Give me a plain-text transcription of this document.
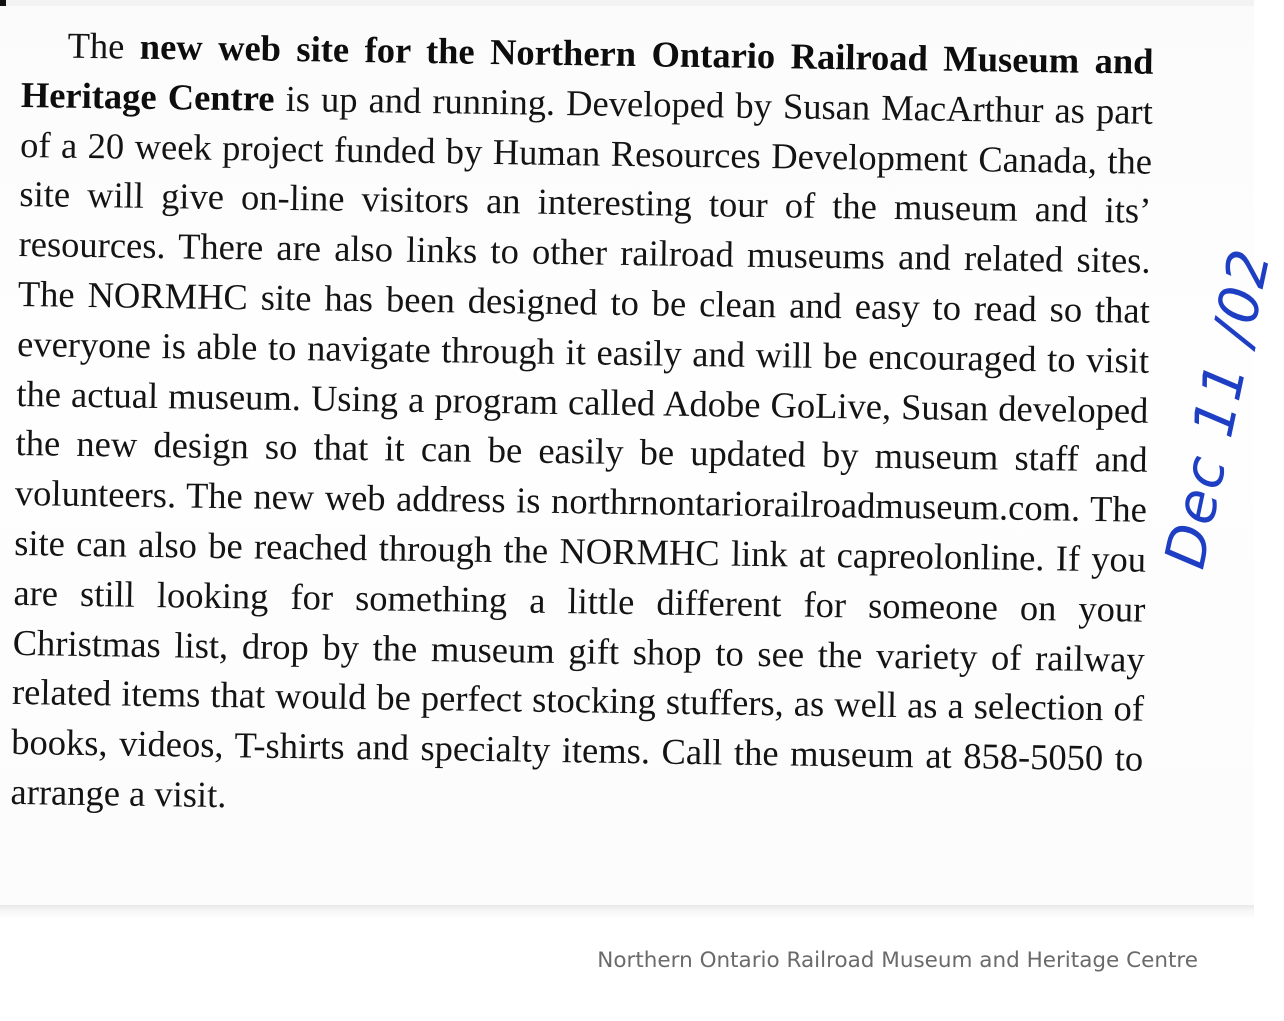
The new web site for the Northern Ontario Railroad Museum and Heritage Centre is up and running. Developed by Susan MacArthur as part of a 20 week project funded by Human Resources Development Canada, the site will give on-line visitors an interesting tour of the museum and its’ resources. There are also links to other railroad museums and related sites. The NORMHC site has been designed to be clean and easy to read so that everyone is able to navigate through it easily and will be encouraged to visit the actual museum. Using a program called Adobe GoLive, Susan developed the new design so that it can be easily be updated by museum staff and volunteers. The new web address is northrnontariorailroadmuseum.com. The site can also be reached through the NORMHC link at capreolonline. If you are still looking for something a little different for someone on your Christmas list, drop by the museum gift shop to see the variety of railway related items that would be perfect stocking stuffers, as well as a selection of books, videos, T-shirts and specialty items. Call the museum at 858-5050 to arrange a visit.

Dec 11 /02
Northern Ontario Railroad Museum and Heritage Centre
